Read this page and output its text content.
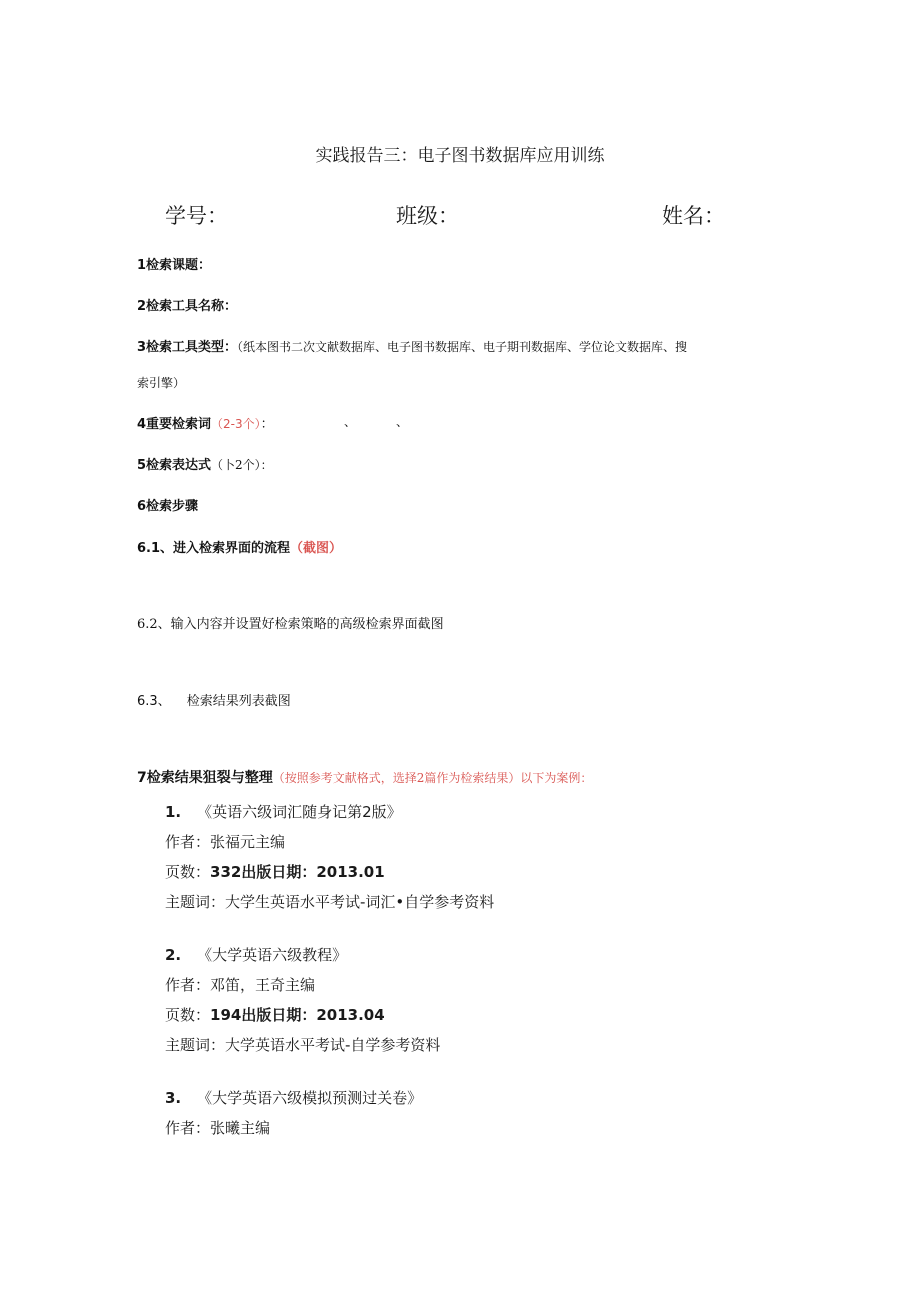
实践报告三：电子图书数据库应用训练
学号：	班级：	姓名：
1检索课题：
2检索工具名称：
3检索工具类型：（纸本图书二次文献数据库、电子图书数据库、电子期刊数据库、学位论文数据库、搜
索引擎）
4重要检索词（2-3个）：	、	、
5检索表达式（卜2个）：
6检索步骤
6.1、进入检索界面的流程（截图）
6.2、输入内容并设置好检索策略的高级检索界面截图
6.3、 检索结果列表截图
7检索结果狙裂与整理（按照参考文献格式，选择2篇作为检索结果）以下为案例：
1. 《英语六级词汇随身记第2版》
作者：张福元主编
页数：332出版日期：2013.01
主题词：大学生英语水平考试-词汇•自学参考资料
2. 《大学英语六级教程》
作者：邓笛，王奇主编
页数：194出版日期：2013.04
主题词：大学英语水平考试-自学参考资料
3. 《大学英语六级模拟预测过关卷》
作者：张曦主编
